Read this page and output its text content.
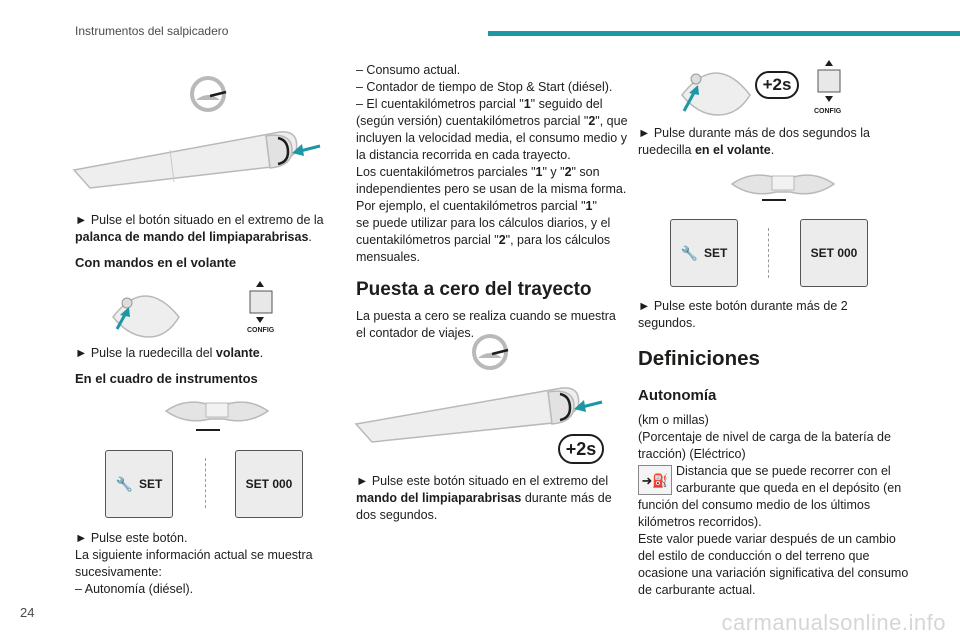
Instrumentos del salpicadero
24	carmanualsonline.info

► Pulse el botón situado en el extremo de la palanca de mando del limpiaparabrisas.

Con mandos en el volante

CONFIG

► Pulse la ruedecilla del volante.

En el cuadro de instrumentos

🔧 SET	SET 000

► Pulse este botón.

La siguiente información actual se muestra

sucesivamente:

– Autonomía (diésel).

– Consumo actual.

– Contador de tiempo de Stop & Start (diésel).

– El cuentakilómetros parcial "1" seguido del

(según versión) cuentakilómetros parcial "2", que

incluyen la velocidad media, el consumo medio y

la distancia recorrida en cada trayecto.

Los cuentakilómetros parciales "1" y "2" son

independientes pero se usan de la misma forma.

Por ejemplo, el cuentakilómetros parcial "1"

se puede utilizar para los cálculos diarios, y el

cuentakilómetros parcial "2", para los cálculos

mensuales.

Puesta a cero del trayecto

La puesta a cero se realiza cuando se muestra

el contador de viajes.

+2s

► Pulse este botón situado en el extremo del

mando del limpiaparabrisas durante más de

dos segundos.

+2s
CONFIG

► Pulse durante más de dos segundos la

ruedecilla en el volante.

🔧 SET	SET 000

► Pulse este botón durante más de 2

segundos.

Definiciones

Autonomía

(km o millas)

(Porcentaje de nivel de carga de la batería de

tracción) (Eléctrico)

➜⛽

Distancia que se puede recorrer con el

carburante que queda en el depósito (en

función del consumo medio de los últimos

kilómetros recorridos).

Este valor puede variar después de un cambio

del estilo de conducción o del terreno que

ocasione una variación significativa del consumo

de carburante actual.
